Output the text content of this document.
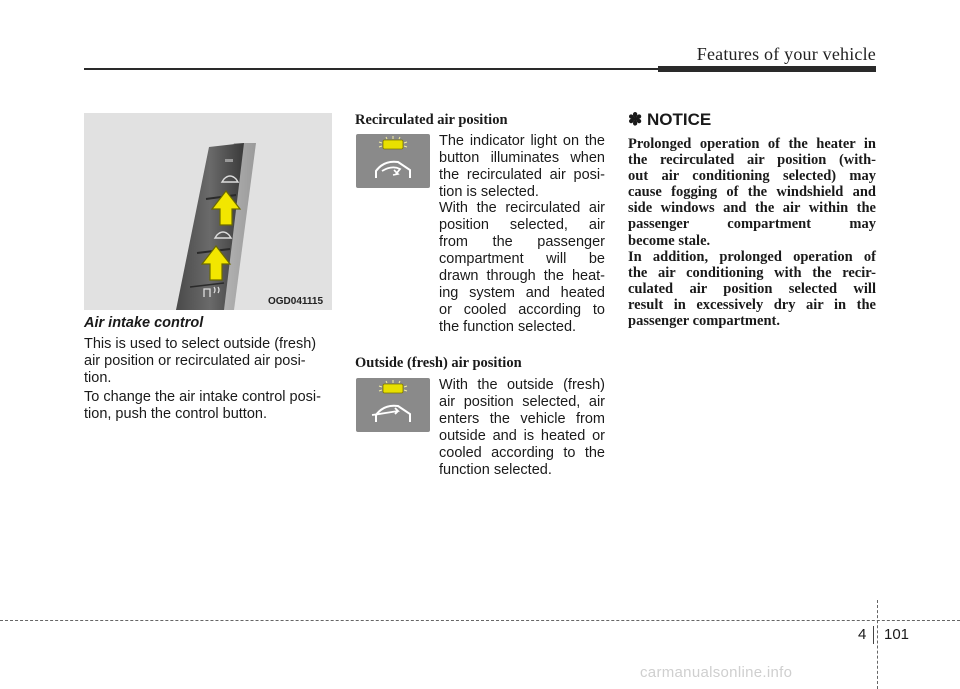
Features of your vehicle
OGD041115
Air intake control
This is used to select outside (fresh)
air position or recirculated air posi-
tion.
To change the air intake control posi-
tion, push the control button.
Recirculated air position
The indicator light on the
button illuminates when
the recirculated air posi-
tion is selected.
With the recirculated air
position selected, air
from the passenger
compartment will be
drawn through the heat-
ing system and heated
or cooled according to
the function selected.
Outside (fresh) air position
With the outside (fresh)
air position selected, air
enters the vehicle from
outside and is heated or
cooled according to the
function selected.
✽ NOTICE
Prolonged operation of the heater in
the recirculated air position (with-
out air conditioning selected) may
cause fogging of the windshield and
side windows and the air within the
passenger compartment may
become stale.
In addition, prolonged operation of
the air conditioning with the recir-
culated air position selected will
result in excessively dry air in the
passenger compartment.
4 101
carmanualsonline.info
